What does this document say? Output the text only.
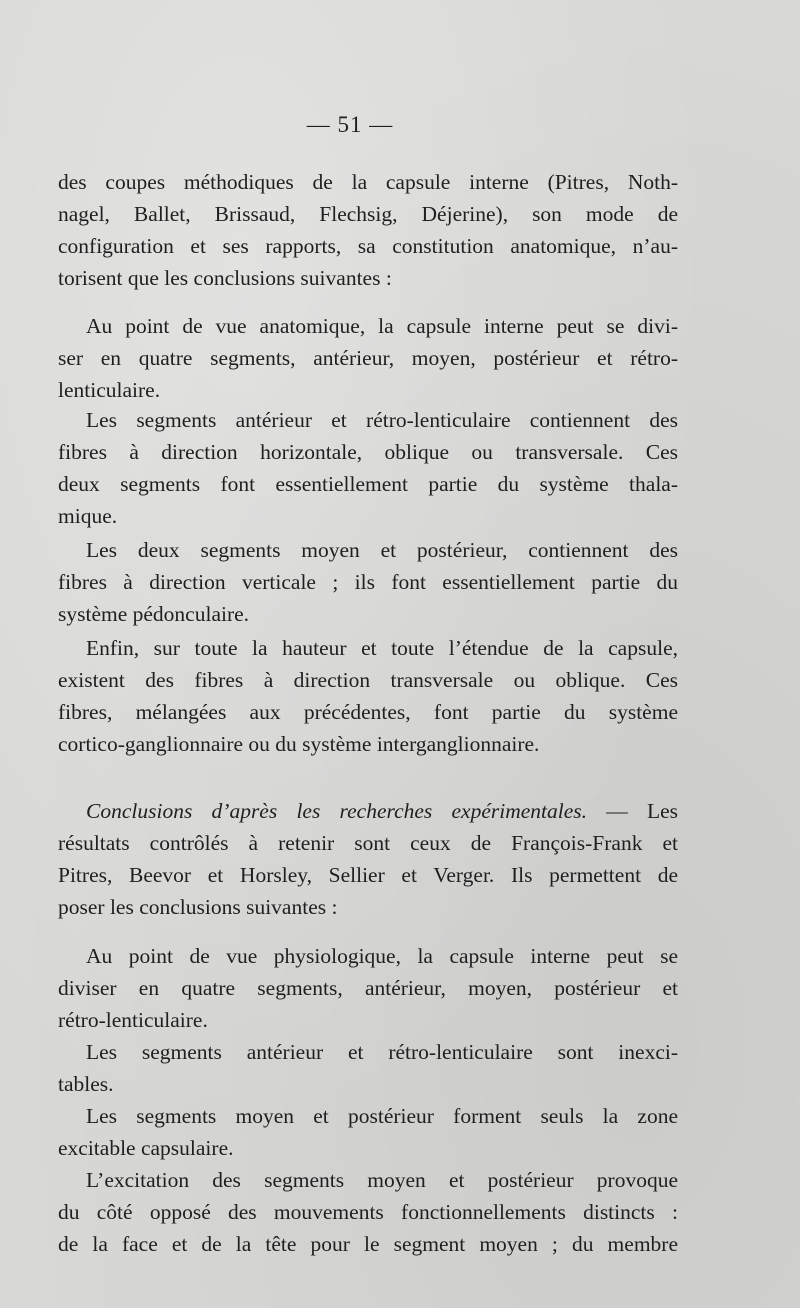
— 51 —
des coupes méthodiques de la capsule interne (Pitres, Noth-
nagel, Ballet, Brissaud, Flechsig, Déjerine), son mode de
configuration et ses rapports, sa constitution anatomique, n’au-
torisent que les conclusions suivantes :
Au point de vue anatomique, la capsule interne peut se divi-
ser en quatre segments, antérieur, moyen, postérieur et rétro-
lenticulaire.
Les segments antérieur et rétro-lenticulaire contiennent des
fibres à direction horizontale, oblique ou transversale. Ces
deux segments font essentiellement partie du système thala-
mique.
Les deux segments moyen et postérieur, contiennent des
fibres à direction verticale ; ils font essentiellement partie du
système pédonculaire.
Enfin, sur toute la hauteur et toute l’étendue de la capsule,
existent des fibres à direction transversale ou oblique. Ces
fibres, mélangées aux précédentes, font partie du système
cortico-ganglionnaire ou du système interganglionnaire.
Conclusions d’après les recherches expérimentales. — Les
résultats contrôlés à retenir sont ceux de François-Frank et
Pitres, Beevor et Horsley, Sellier et Verger. Ils permettent de
poser les conclusions suivantes :
Au point de vue physiologique, la capsule interne peut se
diviser en quatre segments, antérieur, moyen, postérieur et
rétro-lenticulaire.
Les segments antérieur et rétro-lenticulaire sont inexci-
tables.
Les segments moyen et postérieur forment seuls la zone
excitable capsulaire.
L’excitation des segments moyen et postérieur provoque
du côté opposé des mouvements fonctionnellements distincts :
de la face et de la tête pour le segment moyen ; du membre
